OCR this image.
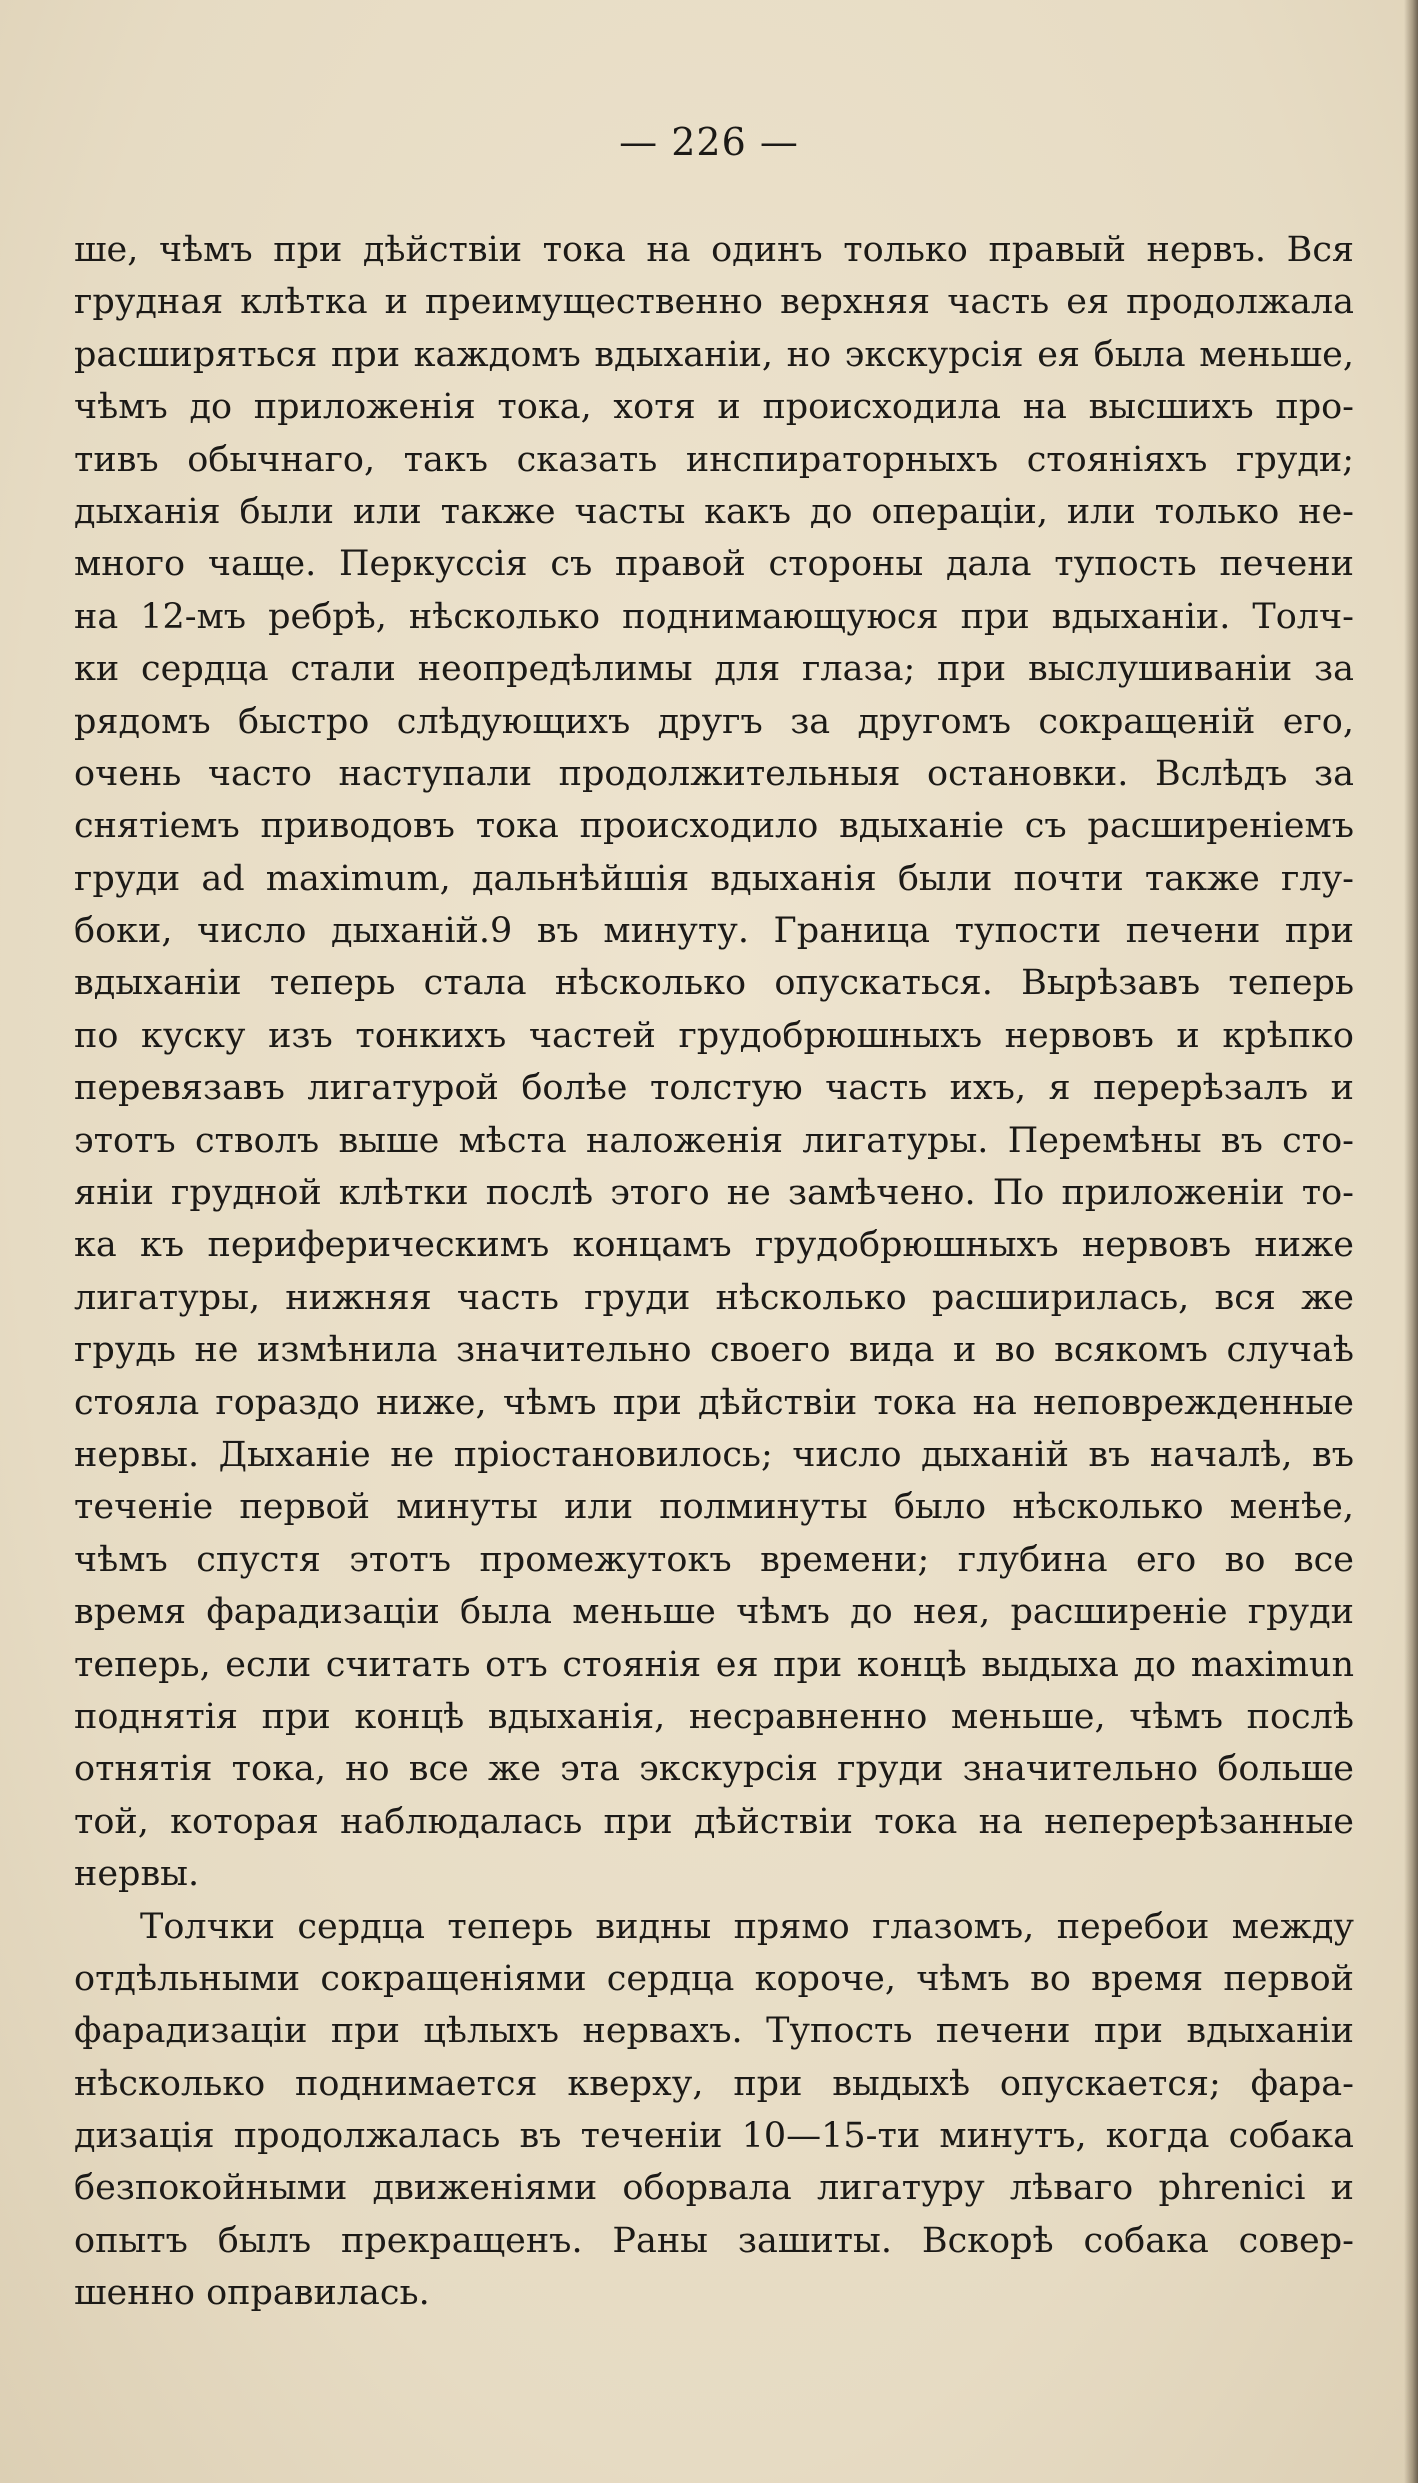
— 226 —
ше, чѣмъ при дѣйствіи тока на одинъ только правый нервъ. Вся
грудная клѣтка и преимущественно верхняя часть ея продолжала
расширяться при каждомъ вдыханіи, но экскурсія ея была меньше,
чѣмъ до приложенія тока, хотя и происходила на высшихъ про-
тивъ обычнаго, такъ сказать инспираторныхъ стояніяхъ груди;
дыханія были или также часты какъ до операціи, или только не-
много чаще. Перкуссія съ правой стороны дала тупость печени
на 12-мъ ребрѣ, нѣсколько поднимающуюся при вдыханіи. Толч-
ки сердца стали неопредѣлимы для глаза; при выслушиваніи за
рядомъ быстро слѣдующихъ другъ за другомъ сокращеній его,
очень часто наступали продолжительныя остановки. Вслѣдъ за
снятіемъ приводовъ тока происходило вдыханіе съ расширеніемъ
груди ad maximum, дальнѣйшія вдыханія были почти также глу-
боки, число дыханій.9 въ минуту. Граница тупости печени при
вдыханіи теперь стала нѣсколько опускаться. Вырѣзавъ теперь
по куску изъ тонкихъ частей грудобрюшныхъ нервовъ и крѣпко
перевязавъ лигатурой болѣе толстую часть ихъ, я перерѣзалъ и
этотъ стволъ выше мѣста наложенія лигатуры. Перемѣны въ сто-
яніи грудной клѣтки послѣ этого не замѣчено. По приложеніи то-
ка къ периферическимъ концамъ грудобрюшныхъ нервовъ ниже
лигатуры, нижняя часть груди нѣсколько расширилась, вся же
грудь не измѣнила значительно своего вида и во всякомъ случаѣ
стояла гораздо ниже, чѣмъ при дѣйствіи тока на неповрежденные
нервы. Дыханіе не пріостановилось; число дыханій въ началѣ, въ
теченіе первой минуты или полминуты было нѣсколько менѣе,
чѣмъ спустя этотъ промежутокъ времени; глубина его во все
время фарадизаціи была меньше чѣмъ до нея, расширеніе груди
теперь, если считать отъ стоянія ея при концѣ выдыха до maximun
поднятія при концѣ вдыханія, несравненно меньше, чѣмъ послѣ
отнятія тока, но все же эта экскурсія груди значительно больше
той, которая наблюдалась при дѣйствіи тока на неперерѣзанные
нервы.
Толчки сердца теперь видны прямо глазомъ, перебои между
отдѣльными сокращеніями сердца короче, чѣмъ во время первой
фарадизаціи при цѣлыхъ нервахъ. Тупость печени при вдыханіи
нѣсколько поднимается кверху, при выдыхѣ опускается; фара-
дизація продолжалась въ теченіи 10—15-ти минутъ, когда собака
безпокойными движеніями оборвала лигатуру лѣваго phrenici и
опытъ былъ прекращенъ. Раны зашиты. Вскорѣ собака совер-
шенно оправилась.
